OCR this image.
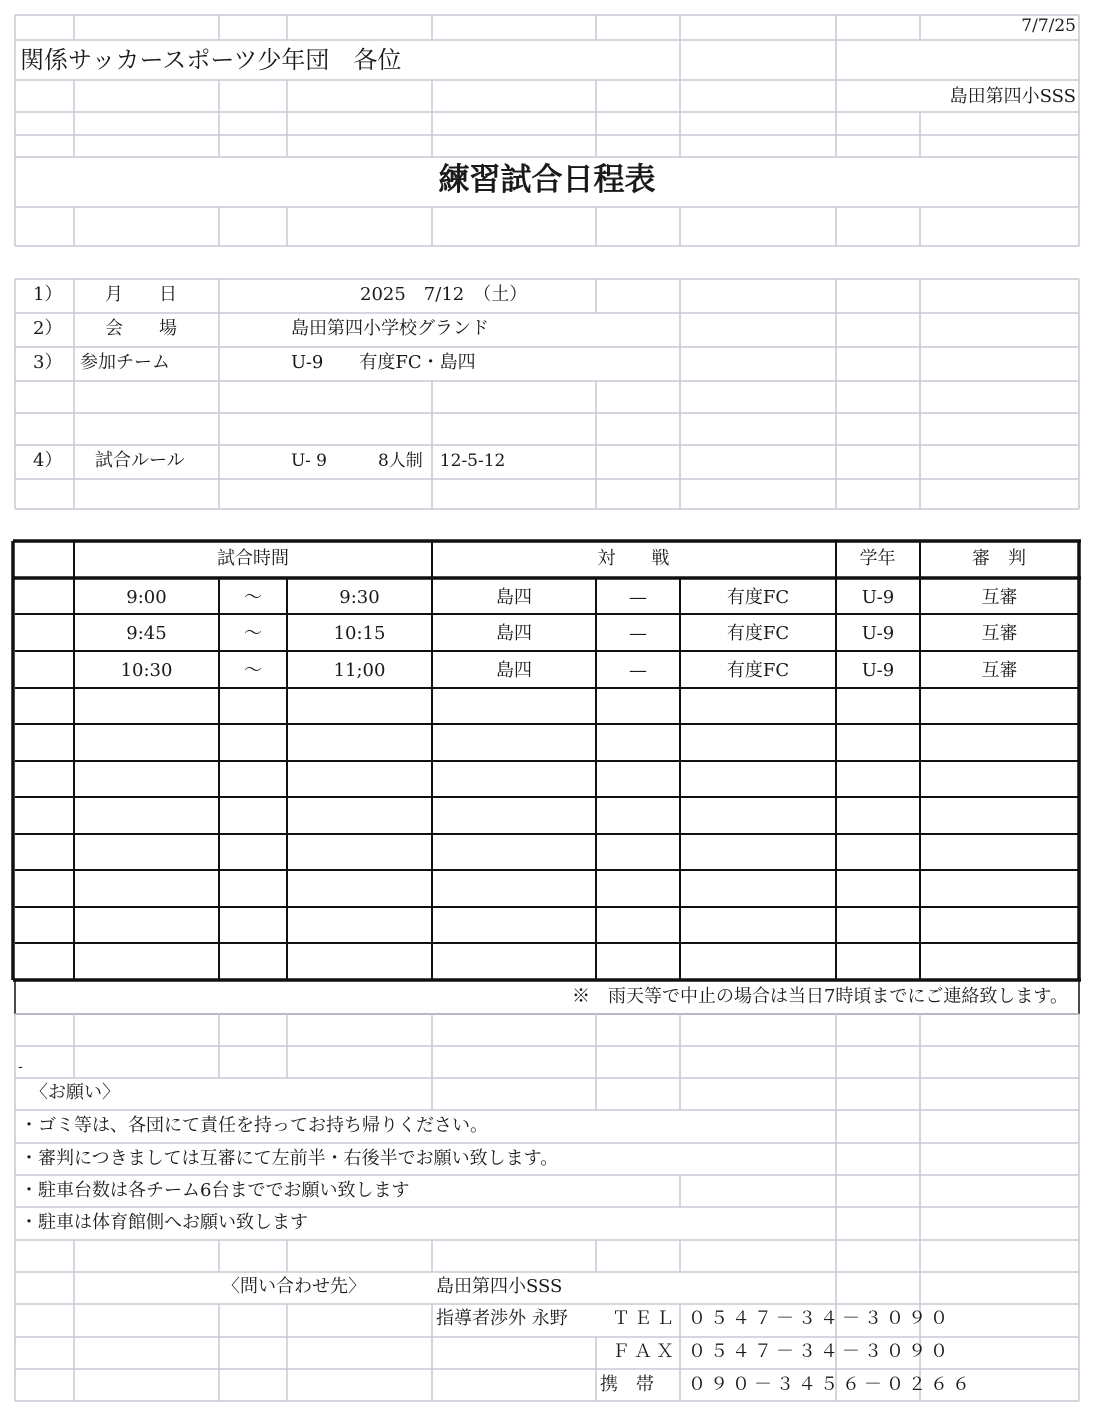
7/7/25
関係サッカースポーツ少年団　各位
島田第四小SSS
練習試合日程表
1） 月　　日	2025　7/12　（土）
2） 会　　場	島田第四小学校グランド
3） 参加チーム	U-9　　有度FC・島四
4） 試合ルール	U- 9　　　8人制　12-5-12
試合時間	対　　戦	学年	審　判
9:00	～	9:30	島四	—	有度FC	U-9	互審
9:45	～	10:15	島四	—	有度FC	U-9	互審
10:30	～	11;00	島四	—	有度FC	U-9	互審
※　雨天等で中止の場合は当日7時頃までにご連絡致します。
-
〈お願い〉
・ゴミ等は、各団にて責任を持ってお持ち帰りください。
・審判につきましては互審にて左前半・右後半でお願い致します。
・駐車台数は各チーム6台まででお願い致します
・駐車は体育館側へお願い致します
〈問い合わせ先〉	島田第四小SSS
指導者渉外 永野 ＴＥＬ ０５４７－３４－３０９０
ＦＡＸ ０５４７－３４－３０９０
携　帯 ０９０－３４５６－０２６６
